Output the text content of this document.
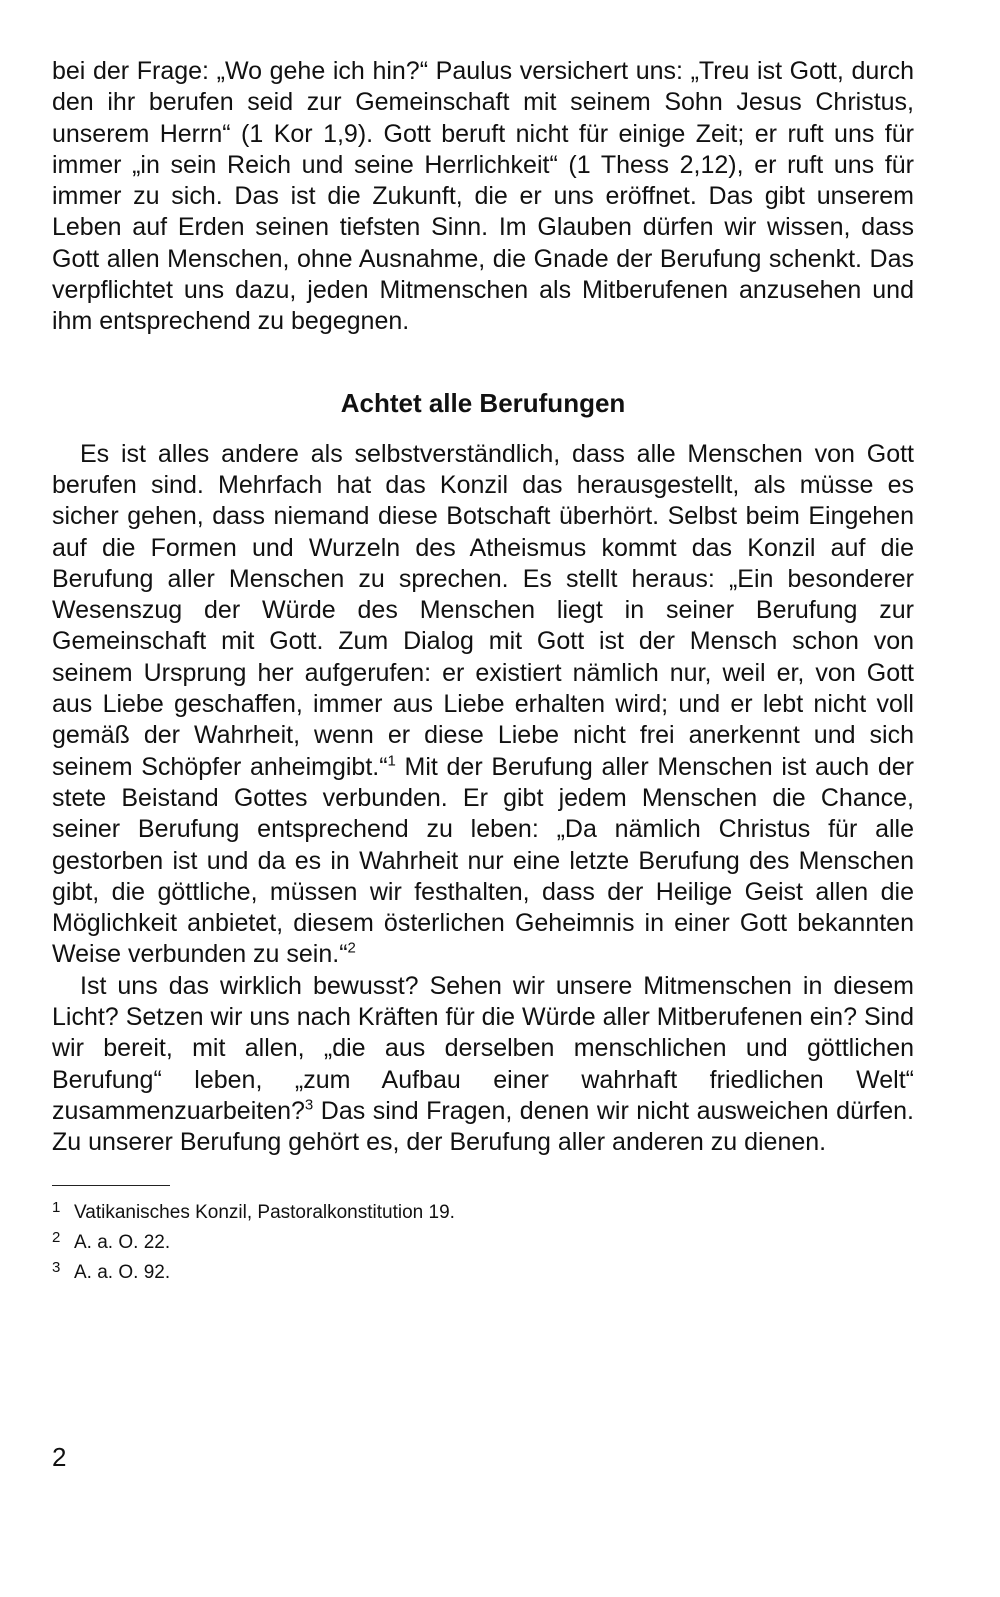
bei der Frage: „Wo gehe ich hin?“ Paulus versichert uns: „Treu ist Gott, durch den ihr berufen seid zur Gemeinschaft mit seinem Sohn Jesus Christus, unserem Herrn“ (1 Kor 1,9). Gott beruft nicht für einige Zeit; er ruft uns für immer „in sein Reich und seine Herrlichkeit“ (1 Thess 2,12), er ruft uns für immer zu sich. Das ist die Zukunft, die er uns eröffnet. Das gibt unserem Leben auf Erden seinen tiefsten Sinn. Im Glauben dürfen wir wissen, dass Gott allen Menschen, ohne Ausnahme, die Gnade der Berufung schenkt. Das verpflichtet uns dazu, jeden Mitmenschen als Mitberufenen anzusehen und ihm entsprechend zu begegnen.

Achtet alle Berufungen

Es ist alles andere als selbstverständlich, dass alle Menschen von Gott berufen sind. Mehrfach hat das Konzil das herausgestellt, als müsse es sicher gehen, dass niemand diese Botschaft überhört. Selbst beim Eingehen auf die Formen und Wurzeln des Atheismus kommt das Konzil auf die Berufung aller Menschen zu sprechen. Es stellt heraus: „Ein besonderer Wesenszug der Würde des Menschen liegt in seiner Berufung zur Gemeinschaft mit Gott. Zum Dialog mit Gott ist der Mensch schon von seinem Ursprung her aufgerufen: er existiert nämlich nur, weil er, von Gott aus Liebe geschaffen, immer aus Liebe erhalten wird; und er lebt nicht voll gemäß der Wahrheit, wenn er diese Liebe nicht frei anerkennt und sich seinem Schöpfer anheimgibt.“$^1$ Mit der Berufung aller Menschen ist auch der stete Beistand Gottes verbunden. Er gibt jedem Menschen die Chance, seiner Berufung entsprechend zu leben: „Da nämlich Christus für alle gestorben ist und da es in Wahrheit nur eine letzte Berufung des Menschen gibt, die göttliche, müssen wir festhalten, dass der Heilige Geist allen die Möglichkeit anbietet, diesem österlichen Geheimnis in einer Gott bekannten Weise verbunden zu sein.“$^2$

Ist uns das wirklich bewusst? Sehen wir unsere Mitmenschen in diesem Licht? Setzen wir uns nach Kräften für die Würde aller Mitberufenen ein? Sind wir bereit, mit allen, „die aus derselben menschlichen und göttlichen Berufung“ leben, „zum Aufbau einer wahrhaft friedlichen Welt“ zusammenzuarbeiten?$^3$ Das sind Fragen, denen wir nicht ausweichen dürfen. Zu unserer Berufung gehört es, der Berufung aller anderen zu dienen.

1 Vatikanisches Konzil, Pastoralkonstitution 19.

2 A. a. O. 22.

3 A. a. O. 92.

2
